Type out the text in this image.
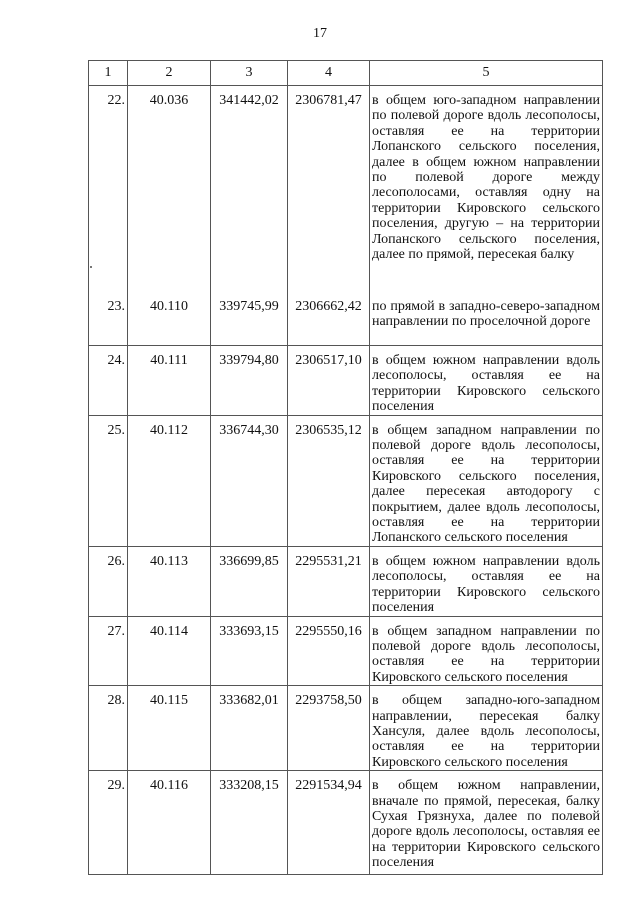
17
1	2	3	4	5
22.	40.036	341442,02	2306781,47	в общем юго-западном направлении по полевой дороге вдоль лесополосы, оставляя ее на территории Лопанского сельского поселения, далее в общем южном направлении по полевой дороге между лесополосами, оставляя одну на территории Кировского сельского поселения, другую – на территории Лопанского сельского поселения, далее по прямой, пересекая балку
23.	40.110	339745,99	2306662,42	по прямой в западно-северо-западном направлении по проселочной дороге
24.	40.111	339794,80	2306517,10	в общем южном направлении вдоль лесополосы, оставляя ее на территории Кировского сельского поселения
25.	40.112	336744,30	2306535,12	в общем западном направлении по полевой дороге вдоль лесополосы, оставляя ее на территории Кировского сельского поселения, далее пересекая автодорогу с покрытием, далее вдоль лесополосы, оставляя ее на территории Лопанского сельского поселения
26.	40.113	336699,85	2295531,21	в общем южном направлении вдоль лесополосы, оставляя ее на территории Кировского сельского поселения
27.	40.114	333693,15	2295550,16	в общем западном направлении по полевой дороге вдоль лесополосы, оставляя ее на территории Кировского сельского поселения
28.	40.115	333682,01	2293758,50	в общем западно-юго-западном направлении, пересекая балку Хансуля, далее вдоль лесополосы, оставляя ее на территории Кировского сельского поселения
29.	40.116	333208,15	2291534,94	в общем южном направлении, вначале по прямой, пересекая, балку Сухая Грязнуха, далее по полевой дороге вдоль лесополосы, оставляя ее на территории Кировского сельского поселения
